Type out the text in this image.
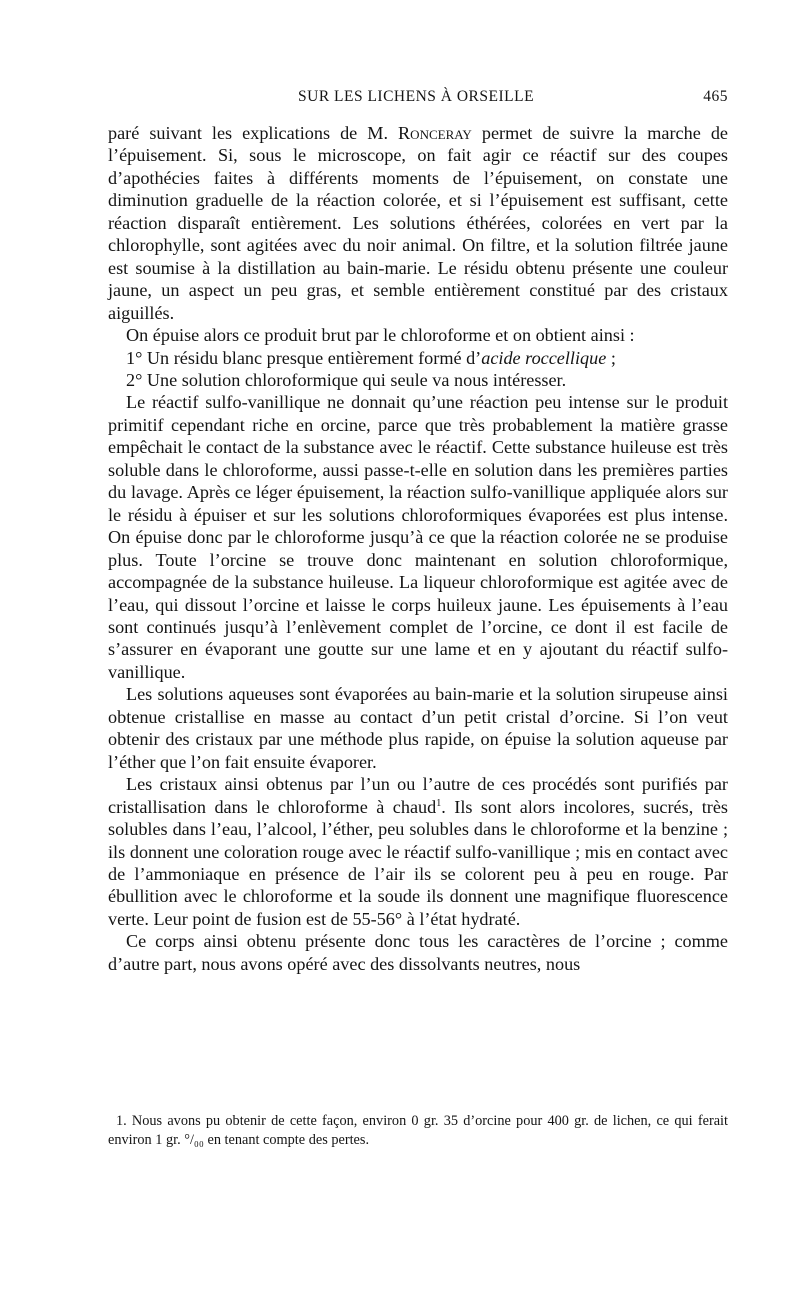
SUR LES LICHENS À ORSEILLE	465

paré suivant les explications de M. Ronceray permet de suivre la marche de l’épuisement. Si, sous le microscope, on fait agir ce réactif sur des coupes d’apothécies faites à différents moments de l’épuisement, on constate une diminution graduelle de la réaction colorée, et si l’épuisement est suffisant, cette réaction disparaît entièrement. Les solutions éthérées, colorées en vert par la chlorophylle, sont agitées avec du noir animal. On filtre, et la solution filtrée jaune est soumise à la distillation au bain-marie. Le résidu obtenu présente une couleur jaune, un aspect un peu gras, et semble entièrement constitué par des cristaux aiguillés.

On épuise alors ce produit brut par le chloroforme et on obtient ainsi :

1° Un résidu blanc presque entièrement formé d’acide roccellique ;

2° Une solution chloroformique qui seule va nous intéresser.

Le réactif sulfo-vanillique ne donnait qu’une réaction peu intense sur le produit primitif cependant riche en orcine, parce que très probablement la matière grasse empêchait le contact de la substance avec le réactif. Cette substance huileuse est très soluble dans le chloroforme, aussi passe-t-elle en solution dans les premières parties du lavage. Après ce léger épuisement, la réaction sulfo-vanillique appliquée alors sur le résidu à épuiser et sur les solutions chloroformiques évaporées est plus intense. On épuise donc par le chloroforme jusqu’à ce que la réaction colorée ne se produise plus. Toute l’orcine se trouve donc maintenant en solution chloroformique, accompagnée de la substance huileuse. La liqueur chloroformique est agitée avec de l’eau, qui dissout l’orcine et laisse le corps huileux jaune. Les épuisements à l’eau sont continués jusqu’à l’enlèvement complet de l’orcine, ce dont il est facile de s’assurer en évaporant une goutte sur une lame et en y ajoutant du réactif sulfo-vanillique.

Les solutions aqueuses sont évaporées au bain-marie et la solution sirupeuse ainsi obtenue cristallise en masse au contact d’un petit cristal d’orcine. Si l’on veut obtenir des cristaux par une méthode plus rapide, on épuise la solution aqueuse par l’éther que l’on fait ensuite évaporer.

Les cristaux ainsi obtenus par l’un ou l’autre de ces procédés sont purifiés par cristallisation dans le chloroforme à chaud$^1$. Ils sont alors incolores, sucrés, très solubles dans l’eau, l’alcool, l’éther, peu solubles dans le chloroforme et la benzine ; ils donnent une coloration rouge avec le réactif sulfo-vanillique ; mis en contact avec de l’ammoniaque en présence de l’air ils se colorent peu à peu en rouge. Par ébullition avec le chloroforme et la soude ils donnent une magnifique fluorescence verte. Leur point de fusion est de 55-56° à l’état hydraté.

Ce corps ainsi obtenu présente donc tous les caractères de l’orcine ; comme d’autre part, nous avons opéré avec des dissolvants neutres, nous

1. Nous avons pu obtenir de cette façon, environ 0 gr. 35 d’orcine pour 400 gr. de lichen, ce qui ferait environ 1 gr. °/₀₀ en tenant compte des pertes.
